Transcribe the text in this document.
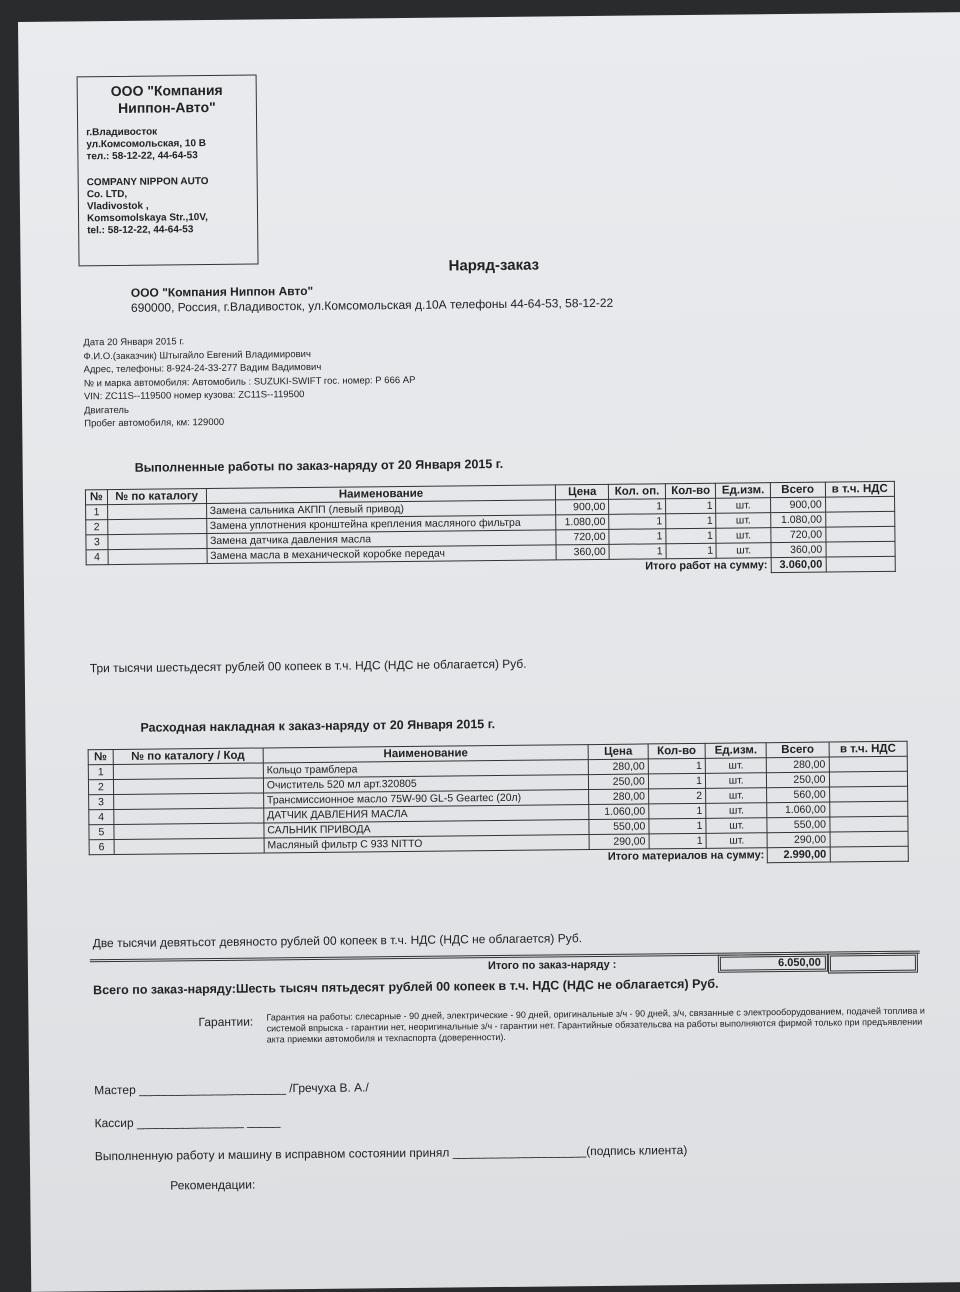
ООО "Компания Ниппон-Авто"
г.Владивосток
ул.Комсомольская, 10 В
тел.: 58-12-22, 44-64-53
COMPANY NIPPON AUTO
Co. LTD,
Vladivostok ,
Komsomolskaya Str.,10V,
tel.: 58-12-22, 44-64-53
Наряд-заказ
ООО "Компания Ниппон Авто"
690000, Россия, г.Владивосток, ул.Комсомольская д.10А телефоны 44-64-53, 58-12-22
Дата 20 Января 2015 г.
Ф.И.О.(заказчик) Штыгайло Евгений Владимирович
Адрес, телефоны: 8-924-24-33-277 Вадим Вадимович
№ и марка автомобиля: Автомобиль : SUZUKI-SWIFT гос. номер: Р 666 АР
VIN: ZC11S--119500 номер кузова: ZC11S--119500
Двигатель
Пробег автомобиля, км: 129000
Выполненные работы по заказ-наряду от 20 Января 2015 г.
№	№ по каталогу	Наименование	Цена	Кол. оп.	Кол-во	Ед.изм.	Всего	в т.ч. НДС
1		Замена сальника АКПП (левый привод)	900,00	1	1	шт.	900,00	
2		Замена уплотнения кронштейна крепления масляного фильтра	1.080,00	1	1	шт.	1.080,00	
3		Замена датчика давления масла	720,00	1	1	шт.	720,00	
4		Замена масла в механической коробке передач	360,00	1	1	шт.	360,00	
Итого работ на сумму:							3.060,00	
Три тысячи шестьдесят рублей 00 копеек в т.ч. НДС (НДС не облагается) Руб.
Расходная накладная к заказ-наряду от 20 Января 2015 г.
№	№ по каталогу / Код	Наименование	Цена	Кол-во	Ед.изм.	Всего	в т.ч. НДС
1		Кольцо трамблера	280,00	1	шт.	280,00	
2		Очиститель 520 мл арт.320805	250,00	1	шт.	250,00	
3		Трансмиссионное масло 75W-90 GL-5 Geartec (20л)	280,00	2	шт.	560,00	
4		ДАТЧИК ДАВЛЕНИЯ МАСЛА	1.060,00	1	шт.	1.060,00	
5		САЛЬНИК ПРИВОДА	550,00	1	шт.	550,00	
6		Масляный фильтр С 933 NITTO	290,00	1	шт.	290,00	
Итого материалов на сумму:						2.990,00	
Две тысячи девятьсот девяносто рублей 00 копеек в т.ч. НДС (НДС не облагается) Руб.
Итого по заказ-наряду :	6.050,00
Всего по заказ-наряду:Шесть тысяч пятьдесят рублей 00 копеек в т.ч. НДС (НДС не облагается) Руб.
Гарантии: Гарантия на работы: слесарные - 90 дней, электрические - 90 дней, оригинальные з/ч - 90 дней, з/ч, связанные с электрооборудованием, подачей топлива и системой впрыска - гарантии нет, неоригинальные з/ч - гарантии нет. Гарантийные обязательсва на работы выполняются фирмой только при предъявлении акта приемки автомобиля и техпаспорта (доверенности).
Мастер ______________________ /Гречуха В. А./
Кассир ________________ _____
Выполненную работу и машину в исправном состоянии принял ____________________(подпись клиента)
Рекомендации:
